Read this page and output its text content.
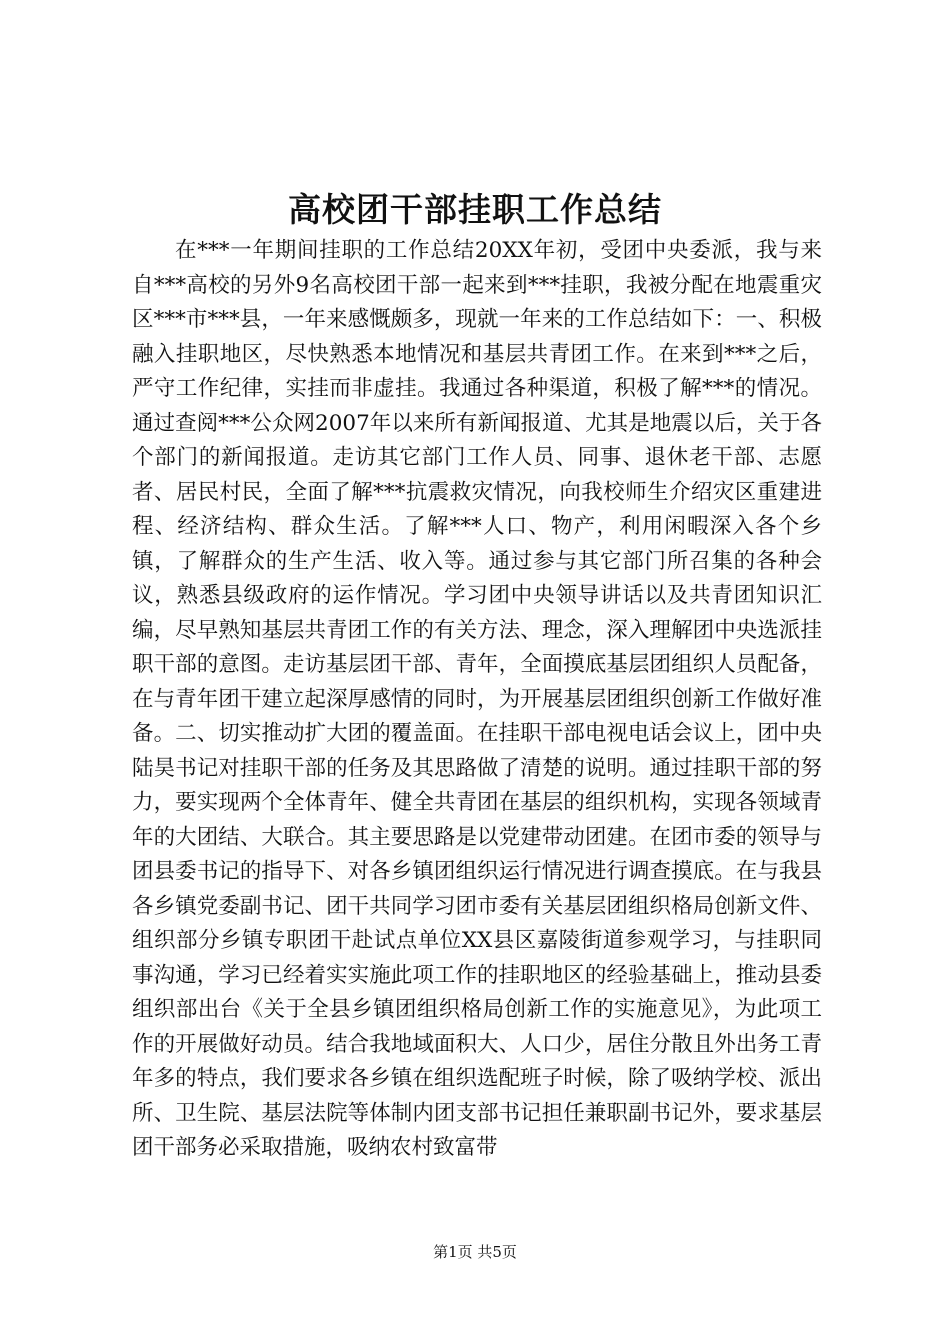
高校团干部挂职工作总结

在***一年期间挂职的工作总结20XX年初，受团中央委派，我与来自***高校的另外9名高校团干部一起来到***挂职，我被分配在地震重灾区***市***县，一年来感慨颇多，现就一年来的工作总结如下：一、积极融入挂职地区，尽快熟悉本地情况和基层共青团工作。在来到***之后，严守工作纪律，实挂而非虚挂。我通过各种渠道，积极了解***的情况。通过查阅***公众网2007年以来所有新闻报道、尤其是地震以后，关于各个部门的新闻报道。走访其它部门工作人员、同事、退休老干部、志愿者、居民村民，全面了解***抗震救灾情况，向我校师生介绍灾区重建进程、经济结构、群众生活。了解***人口、物产，利用闲暇深入各个乡镇，了解群众的生产生活、收入等。通过参与其它部门所召集的各种会议，熟悉县级政府的运作情况。学习团中央领导讲话以及共青团知识汇编，尽早熟知基层共青团工作的有关方法、理念，深入理解团中央选派挂职干部的意图。走访基层团干部、青年，全面摸底基层团组织人员配备，在与青年团干建立起深厚感情的同时，为开展基层团组织创新工作做好准备。二、切实推动扩大团的覆盖面。在挂职干部电视电话会议上，团中央陆昊书记对挂职干部的任务及其思路做了清楚的说明。通过挂职干部的努力，要实现两个全体青年、健全共青团在基层的组织机构，实现各领域青年的大团结、大联合。其主要思路是以党建带动团建。在团市委的领导与团县委书记的指导下、对各乡镇团组织运行情况进行调查摸底。在与我县各乡镇党委副书记、团干共同学习团市委有关基层团组织格局创新文件、组织部分乡镇专职团干赴试点单位XX县区嘉陵街道参观学习，与挂职同事沟通，学习已经着实实施此项工作的挂职地区的经验基础上，推动县委组织部出台《关于全县乡镇团组织格局创新工作的实施意见》，为此项工作的开展做好动员。结合我地域面积大、人口少，居住分散且外出务工青年多的特点，我们要求各乡镇在组织选配班子时候，除了吸纳学校、派出所、卫生院、基层法院等体制内团支部书记担任兼职副书记外，要求基层团干部务必采取措施，吸纳农村致富带

第1页 共5页
